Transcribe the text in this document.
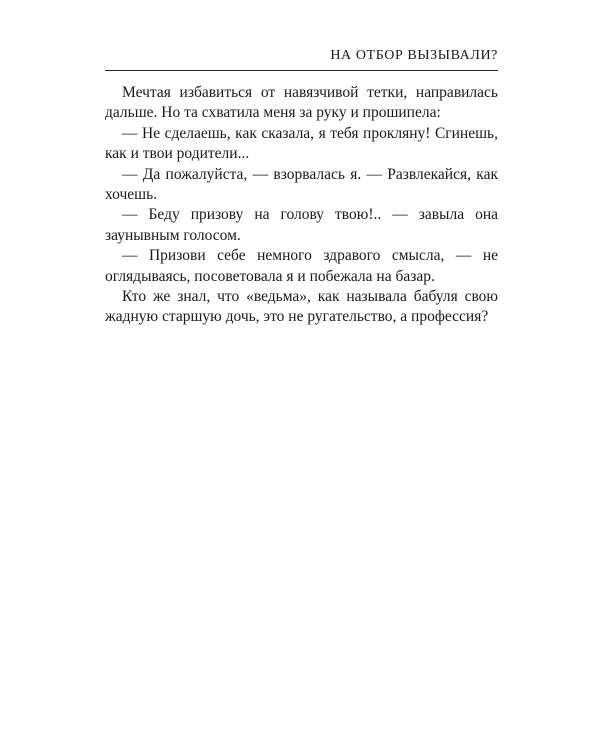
НА ОТБОР ВЫЗЫВАЛИ?

Мечтая избавиться от навязчивой тетки, направилась дальше. Но та схватила меня за руку и прошипела:

— Не сделаешь, как сказала, я тебя прокляну! Сгинешь, как и твои родители...

— Да пожалуйста, — взорвалась я. — Развлекайся, как хочешь.

— Беду призову на голову твою!.. — завыла она заунывным голосом.

— Призови себе немного здравого смысла, — не оглядываясь, посоветовала я и побежала на базар.

Кто же знал, что «ведьма», как называла бабуля свою жадную старшую дочь, это не ругательство, а профессия?
